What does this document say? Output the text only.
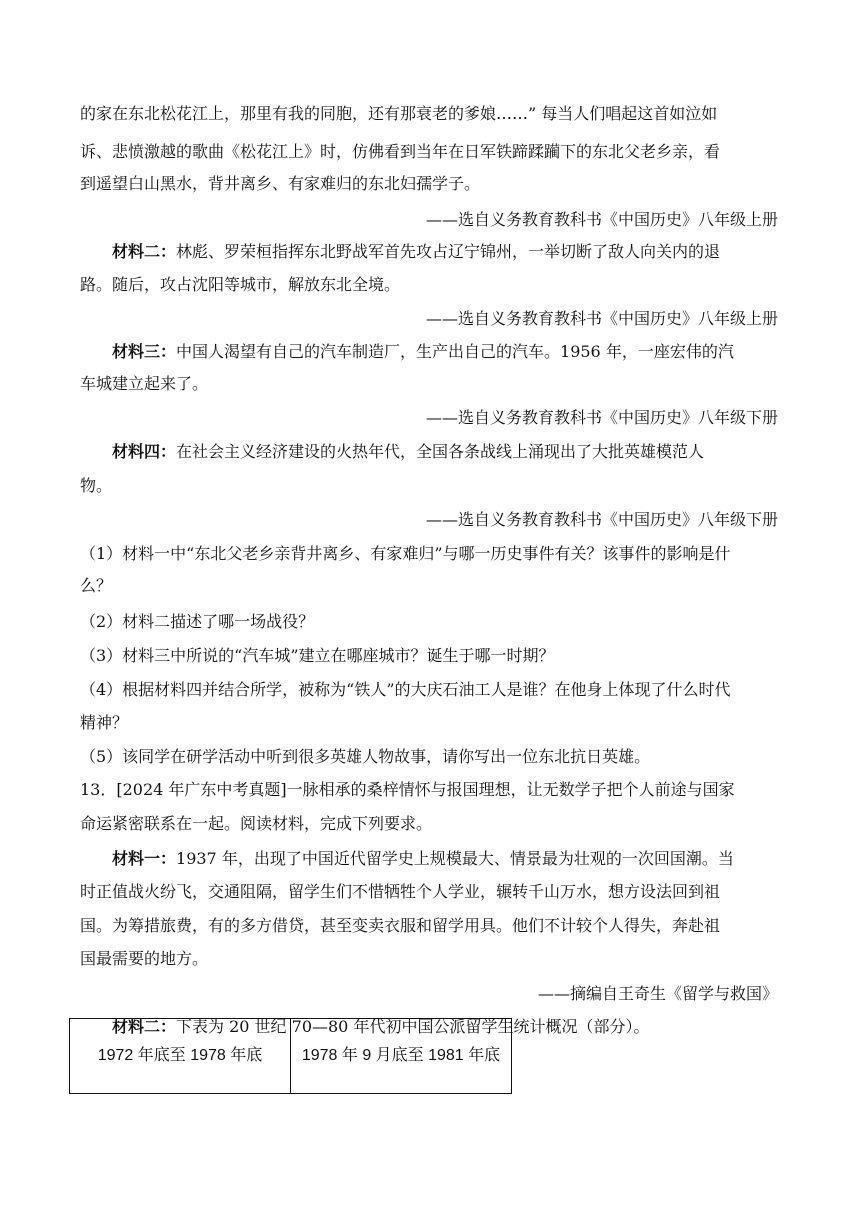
的家在东北松花江上，那里有我的同胞，还有那衰老的爹娘……” 每当人们唱起这首如泣如
诉、悲愤激越的歌曲《松花江上》时，仿佛看到当年在日军铁蹄蹂躏下的东北父老乡亲，看
到遥望白山黑水，背井离乡、有家难归的东北妇孺学子。
——选自义务教育教科书《中国历史》八年级上册
材料二：林彪、罗荣桓指挥东北野战军首先攻占辽宁锦州，一举切断了敌人向关内的退
路。随后，攻占沈阳等城市，解放东北全境。
——选自义务教育教科书《中国历史》八年级上册
材料三：中国人渴望有自己的汽车制造厂，生产出自己的汽车。1956 年，一座宏伟的汽
车城建立起来了。
——选自义务教育教科书《中国历史》八年级下册
材料四：在社会主义经济建设的火热年代，全国各条战线上涌现出了大批英雄模范人
物。
——选自义务教育教科书《中国历史》八年级下册
（1）材料一中“东北父老乡亲背井离乡、有家难归”与哪一历史事件有关？该事件的影响是什
么？
（2）材料二描述了哪一场战役？
（3）材料三中所说的“汽车城”建立在哪座城市？诞生于哪一时期？
（4）根据材料四并结合所学，被称为“铁人”的大庆石油工人是谁？在他身上体现了什么时代
精神？
（5）该同学在研学活动中听到很多英雄人物故事，请你写出一位东北抗日英雄。
13．[2024 年广东中考真题]一脉相承的桑梓情怀与报国理想，让无数学子把个人前途与国家
命运紧密联系在一起。阅读材料，完成下列要求。
材料一：1937 年，出现了中国近代留学史上规模最大、情景最为壮观的一次回国潮。当
时正值战火纷飞，交通阻隔，留学生们不惜牺牲个人学业，辗转千山万水，想方设法回到祖
国。为筹措旅费，有的多方借贷，甚至变卖衣服和留学用具。他们不计较个人得失，奔赴祖
国最需要的地方。
——摘编自王奇生《留学与救国》
材料二：下表为 20 世纪 70—80 年代初中国公派留学生统计概况（部分）。
1972 年底至 1978 年底	1978 年 9 月底至 1981 年底
